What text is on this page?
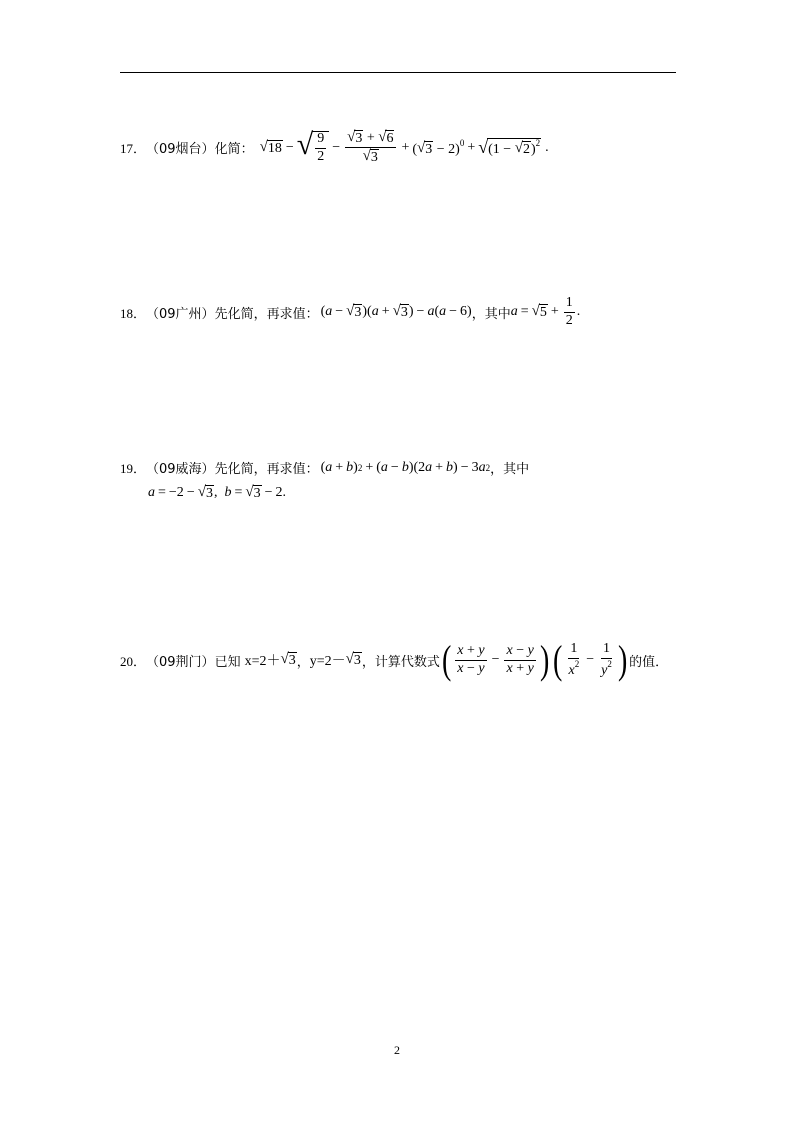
17． （09烟台） 化简： √ 18 − √ $\frac{9}{2} - \frac{√ 3 + √ 6}{√ 3}$ + ( √ 3 − 2)$^0$ + √ (1 − √ 2 )$^2$ .
18． （09广州） 先化简，再求值： ( a − √ 3 )( a + √ 3 ) − a ( a − 6) ，其中 a = √ $5 + \frac{1}{2}$ .
19． （09威海） 先化简，再求值： ( a + b ) 2 + ( a − b )(2 a + b ) − 3 a 2 ，其中
a = −2 − √ 3 , b = √ 3 − 2.
20． （09荆门） 已知 x=2＋ √ 3 ， y=2－ √ 3 ，计算代数式 ( $\frac{x + y}{x - y} - \frac{x - y}{x + y}$ ) ( $\frac{1}{x^2} - \frac{1}{y^2}$ ) 的值．
2
